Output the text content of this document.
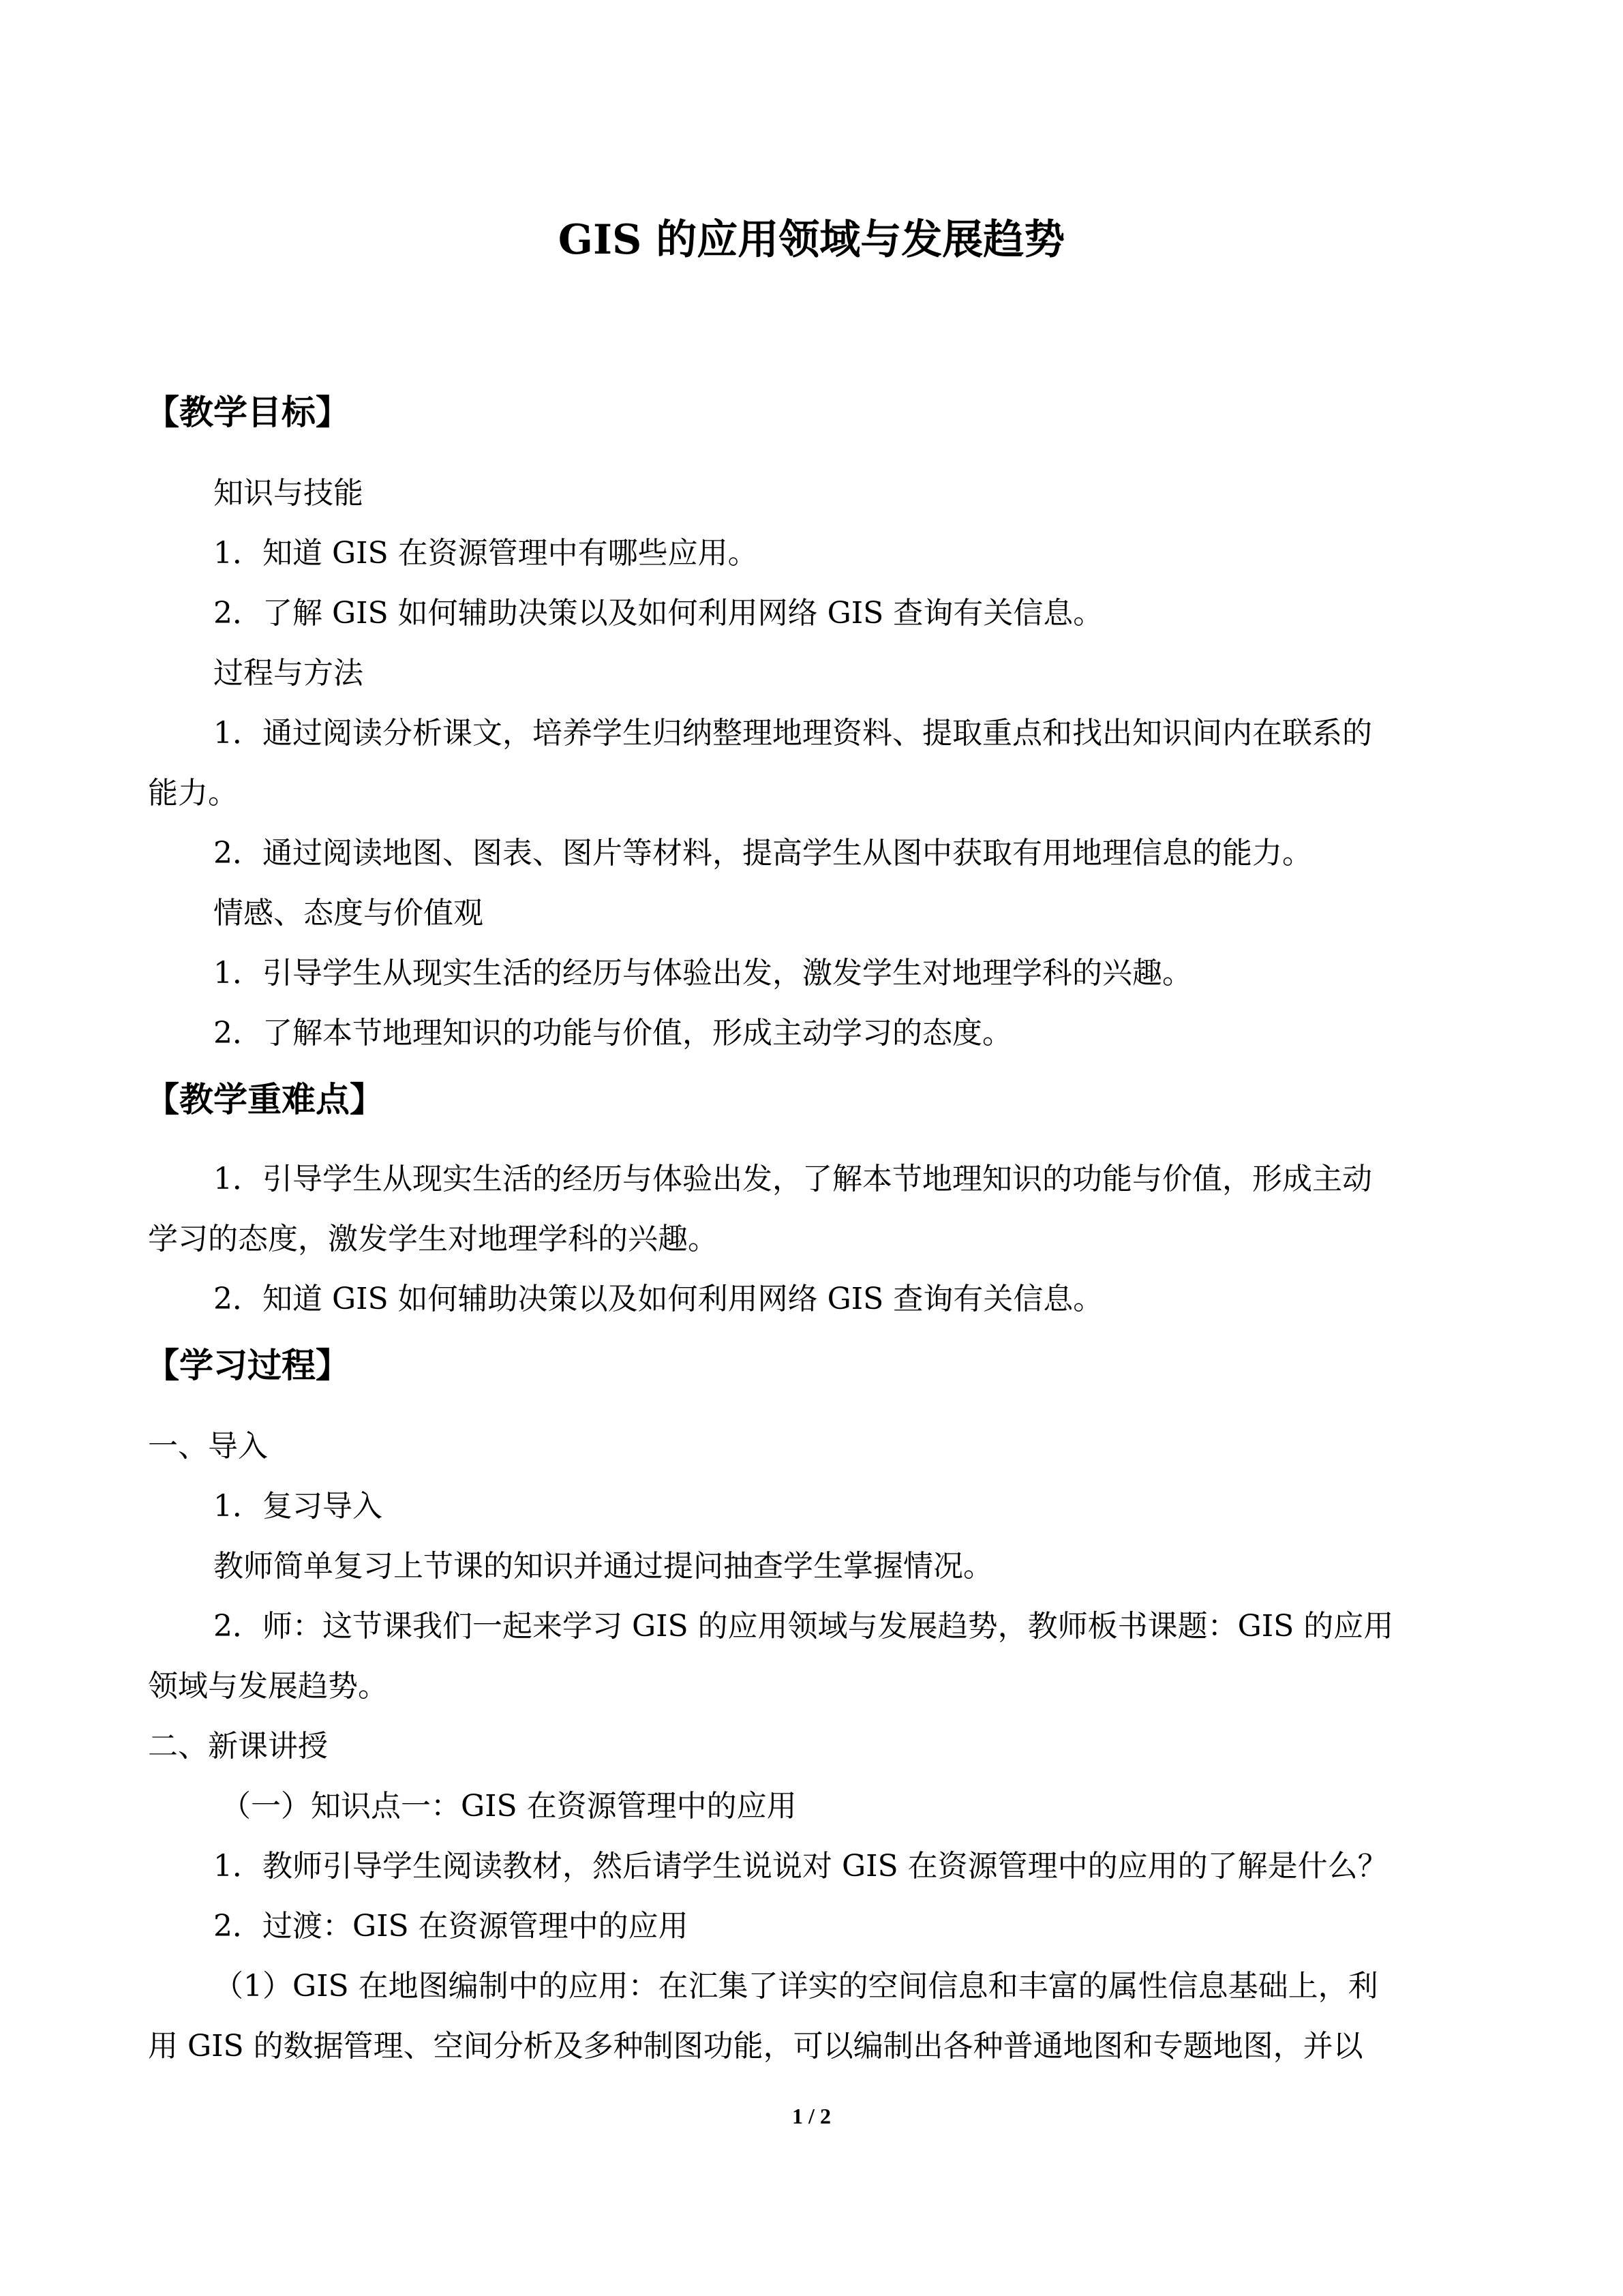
GIS 的应用领域与发展趋势
【教学目标】

知识与技能

1．知道 GIS 在资源管理中有哪些应用。

2．了解 GIS 如何辅助决策以及如何利用网络 GIS 查询有关信息。

过程与方法

1．通过阅读分析课文，培养学生归纳整理地理资料、提取重点和找出知识间内在联系的

能力。

2．通过阅读地图、图表、图片等材料，提高学生从图中获取有用地理信息的能力。

情感、态度与价值观

1．引导学生从现实生活的经历与体验出发，激发学生对地理学科的兴趣。

2．了解本节地理知识的功能与价值，形成主动学习的态度。

【教学重难点】

1．引导学生从现实生活的经历与体验出发，了解本节地理知识的功能与价值，形成主动

学习的态度，激发学生对地理学科的兴趣。

2．知道 GIS 如何辅助决策以及如何利用网络 GIS 查询有关信息。

【学习过程】

一、导入

1．复习导入

教师简单复习上节课的知识并通过提问抽查学生掌握情况。

2．师：这节课我们一起来学习 GIS 的应用领域与发展趋势，教师板书课题：GIS 的应用

领域与发展趋势。

二、新课讲授

（一）知识点一：GIS 在资源管理中的应用

1．教师引导学生阅读教材，然后请学生说说对 GIS 在资源管理中的应用的了解是什么？

2．过渡：GIS 在资源管理中的应用

（1）GIS 在地图编制中的应用：在汇集了详实的空间信息和丰富的属性信息基础上，利

用 GIS 的数据管理、空间分析及多种制图功能，可以编制出各种普通地图和专题地图，并以

1 / 2
